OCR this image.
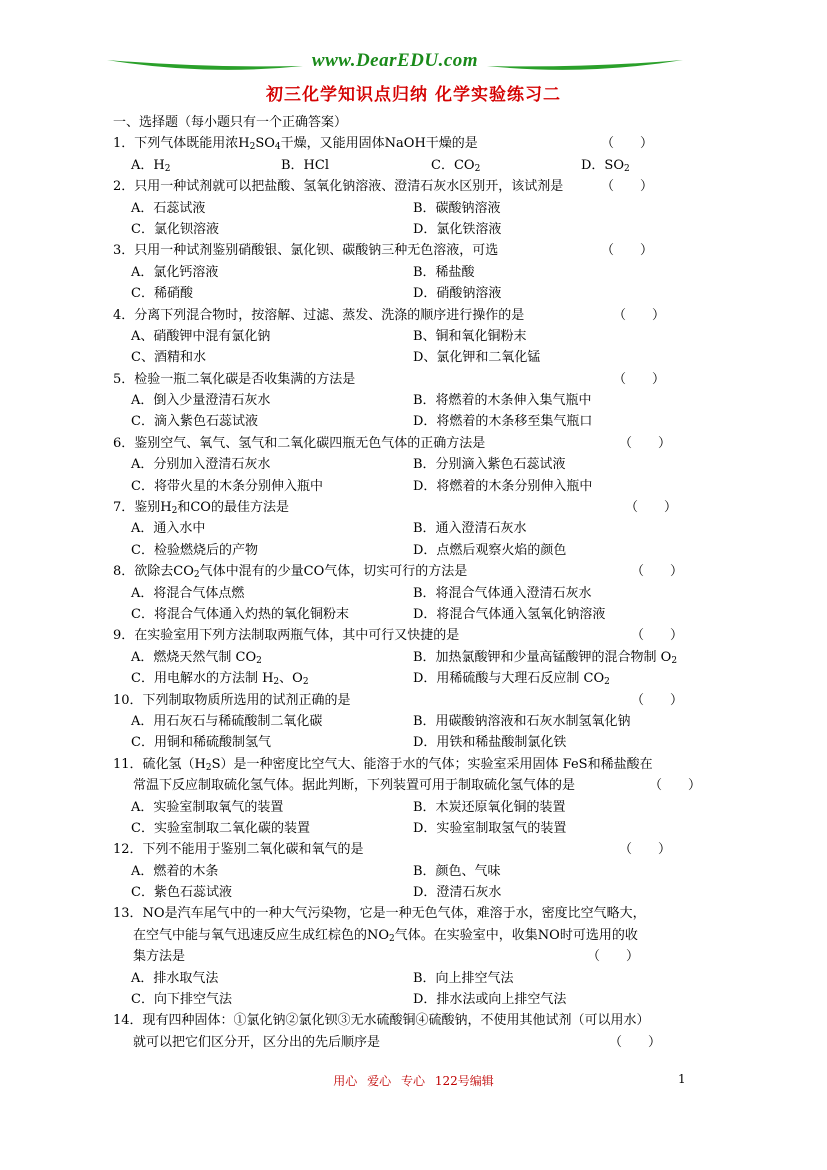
www.DearEDU.com
初三化学知识点归纳 化学实验练习二
一、选择题（每小题只有一个正确答案）
1．下列气体既能用浓$H_2SO_4$干燥，又能用固体NaOH干燥的是	（　　）
A．$H_2$	B．HCl	C．$CO_2$	D．$SO_2$
2．只用一种试剂就可以把盐酸、氢氧化钠溶液、澄清石灰水区别开，该试剂是	（　　）
A．石蕊试液	B．碳酸钠溶液
C．氯化钡溶液	D．氯化铁溶液
3．只用一种试剂鉴别硝酸银、氯化钡、碳酸钠三种无色溶液，可选	（　　）
A．氯化钙溶液	B．稀盐酸
C．稀硝酸	D．硝酸钠溶液
4．分离下列混合物时，按溶解、过滤、蒸发、洗涤的顺序进行操作的是	（　　）
A、硝酸钾中混有氯化钠	B、铜和氧化铜粉末
C、酒精和水	D、氯化钾和二氧化锰
5．检验一瓶二氧化碳是否收集满的方法是	（　　）
A．倒入少量澄清石灰水	B．将燃着的木条伸入集气瓶中
C．滴入紫色石蕊试液	D．将燃着的木条移至集气瓶口
6．鉴别空气、氧气、氢气和二氧化碳四瓶无色气体的正确方法是	（　　）
A．分别加入澄清石灰水	B．分别滴入紫色石蕊试液
C．将带火星的木条分别伸入瓶中	D．将燃着的木条分别伸入瓶中
7．鉴别$H_2$和CO的最佳方法是	（　　）
A．通入水中	B．通入澄清石灰水
C．检验燃烧后的产物	D．点燃后观察火焰的颜色
8．欲除去$CO_2$气体中混有的少量CO气体，切实可行的方法是	（　　）
A．将混合气体点燃	B．将混合气体通入澄清石灰水
C．将混合气体通入灼热的氧化铜粉末	D．将混合气体通入氢氧化钠溶液
9．在实验室用下列方法制取两瓶气体，其中可行又快捷的是	（　　）
A．燃烧天然气制 $CO_2$	B．加热氯酸钾和少量高锰酸钾的混合物制 $O_2$
C．用电解水的方法制 $H_2$、$O_2$	D．用稀硫酸与大理石反应制 $CO_2$
10．下列制取物质所选用的试剂正确的是	（　　）
A．用石灰石与稀硫酸制二氧化碳	B．用碳酸钠溶液和石灰水制氢氧化钠
C．用铜和稀硫酸制氢气	D．用铁和稀盐酸制氯化铁
11．硫化氢$(H_2S)$是一种密度比空气大、能溶于水的气体；实验室采用固体 FeS和稀盐酸在
常温下反应制取硫化氢气体。据此判断，下列装置可用于制取硫化氢气体的是	（　　）
A．实验室制取氧气的装置	B．木炭还原氧化铜的装置
C．实验室制取二氧化碳的装置	D．实验室制取氢气的装置
12．下列不能用于鉴别二氧化碳和氧气的是	（　　）
A．燃着的木条	B．颜色、气味
C．紫色石蕊试液	D．澄清石灰水
13．NO是汽车尾气中的一种大气污染物，它是一种无色气体，难溶于水，密度比空气略大，
在空气中能与氧气迅速反应生成红棕色的$NO_2$气体。在实验室中，收集NO时可选用的收
集方法是	（　　）
A．排水取气法	B．向上排空气法
C．向下排空气法	D．排水法或向上排空气法
14．现有四种固体：①氯化钠②氯化钡③无水硫酸铜④硫酸钠，不使用其他试剂（可以用水）
就可以把它们区分开，区分出的先后顺序是	（　　）
用心 爱心 专心 122号编辑	1
